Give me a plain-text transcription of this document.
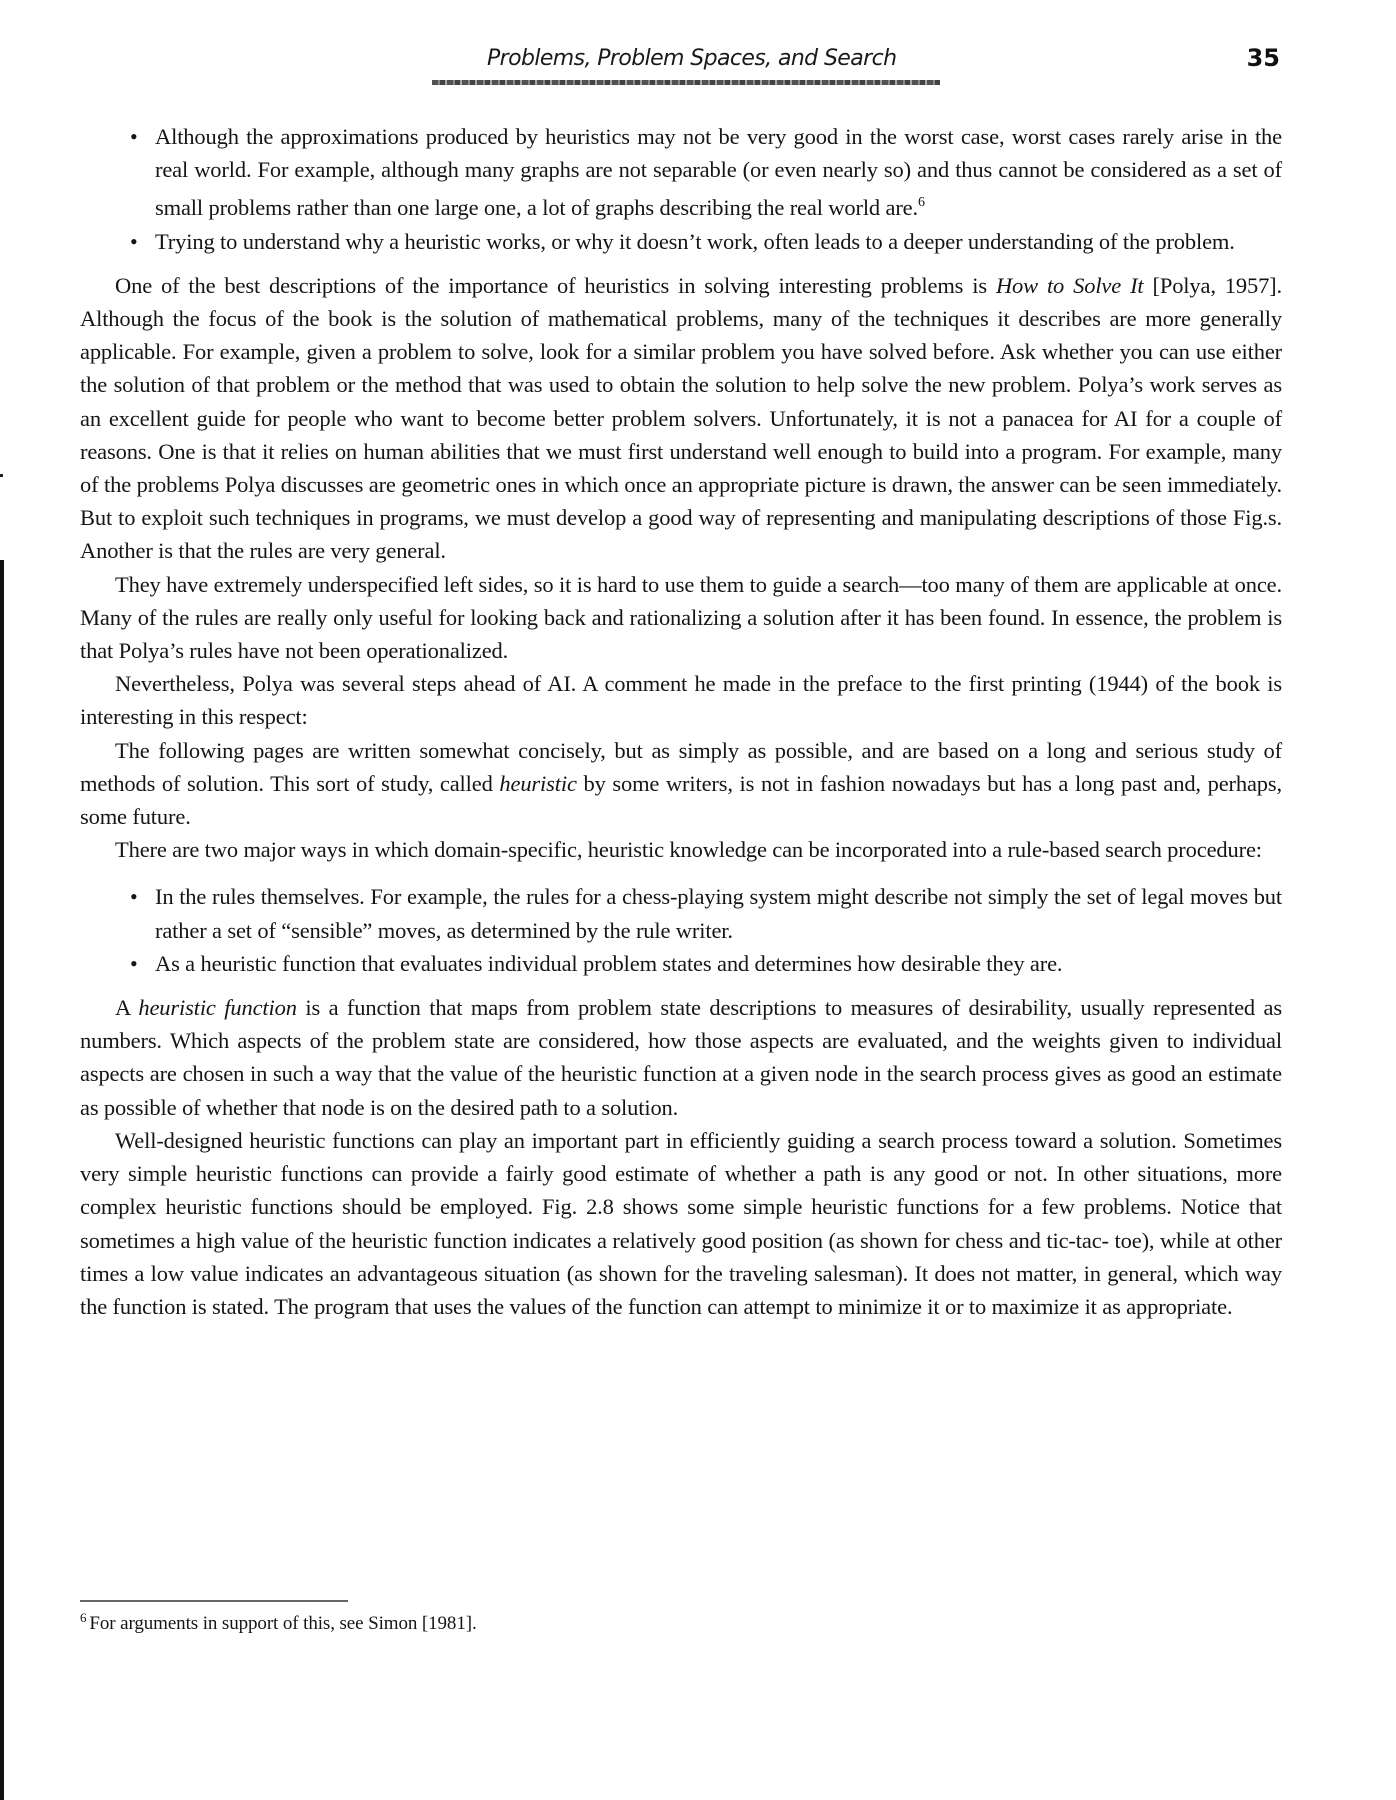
Problems, Problem Spaces, and Search	35
• Although the approximations produced by heuristics may not be very good in the worst case, worst cases rarely arise in the real world. For example, although many graphs are not separable (or even nearly so) and thus cannot be considered as a set of small problems rather than one large one, a lot of graphs describing the real world are.$^6$
• Trying to understand why a heuristic works, or why it doesn’t work, often leads to a deeper understanding of the problem.

One of the best descriptions of the importance of heuristics in solving interesting problems is How to Solve It [Polya, 1957]. Although the focus of the book is the solution of mathematical problems, many of the techniques it describes are more generally applicable. For example, given a problem to solve, look for a similar problem you have solved before. Ask whether you can use either the solution of that problem or the method that was used to obtain the solution to help solve the new problem. Polya’s work serves as an excellent guide for people who want to become better problem solvers. Unfortunately, it is not a panacea for AI for a couple of reasons. One is that it relies on human abilities that we must first understand well enough to build into a program. For example, many of the problems Polya discusses are geometric ones in which once an appropriate picture is drawn, the answer can be seen immediately. But to exploit such techniques in programs, we must develop a good way of representing and manipulating descriptions of those Fig.s. Another is that the rules are very general.

They have extremely underspecified left sides, so it is hard to use them to guide a search—too many of them are applicable at once. Many of the rules are really only useful for looking back and rationalizing a solution after it has been found. In essence, the problem is that Polya’s rules have not been operationalized.

Nevertheless, Polya was several steps ahead of AI. A comment he made in the preface to the first printing (1944) of the book is interesting in this respect:

The following pages are written somewhat concisely, but as simply as possible, and are based on a long and serious study of methods of solution. This sort of study, called heuristic by some writers, is not in fashion nowadays but has a long past and, perhaps, some future.

There are two major ways in which domain-specific, heuristic knowledge can be incorporated into a rule-based search procedure:

• In the rules themselves. For example, the rules for a chess-playing system might describe not simply the set of legal moves but rather a set of “sensible” moves, as determined by the rule writer.
• As a heuristic function that evaluates individual problem states and determines how desirable they are.

A heuristic function is a function that maps from problem state descriptions to measures of desirability, usually represented as numbers. Which aspects of the problem state are considered, how those aspects are evaluated, and the weights given to individual aspects are chosen in such a way that the value of the heuristic function at a given node in the search process gives as good an estimate as possible of whether that node is on the desired path to a solution.

Well-designed heuristic functions can play an important part in efficiently guiding a search process toward a solution. Sometimes very simple heuristic functions can provide a fairly good estimate of whether a path is any good or not. In other situations, more complex heuristic functions should be employed. Fig. 2.8 shows some simple heuristic functions for a few problems. Notice that sometimes a high value of the heuristic function indicates a relatively good position (as shown for chess and tic-tac- toe), while at other times a low value indicates an advantageous situation (as shown for the traveling salesman). It does not matter, in general, which way the function is stated. The program that uses the values of the function can attempt to minimize it or to maximize it as appropriate.

$^6$ For arguments in support of this, see Simon [1981].
